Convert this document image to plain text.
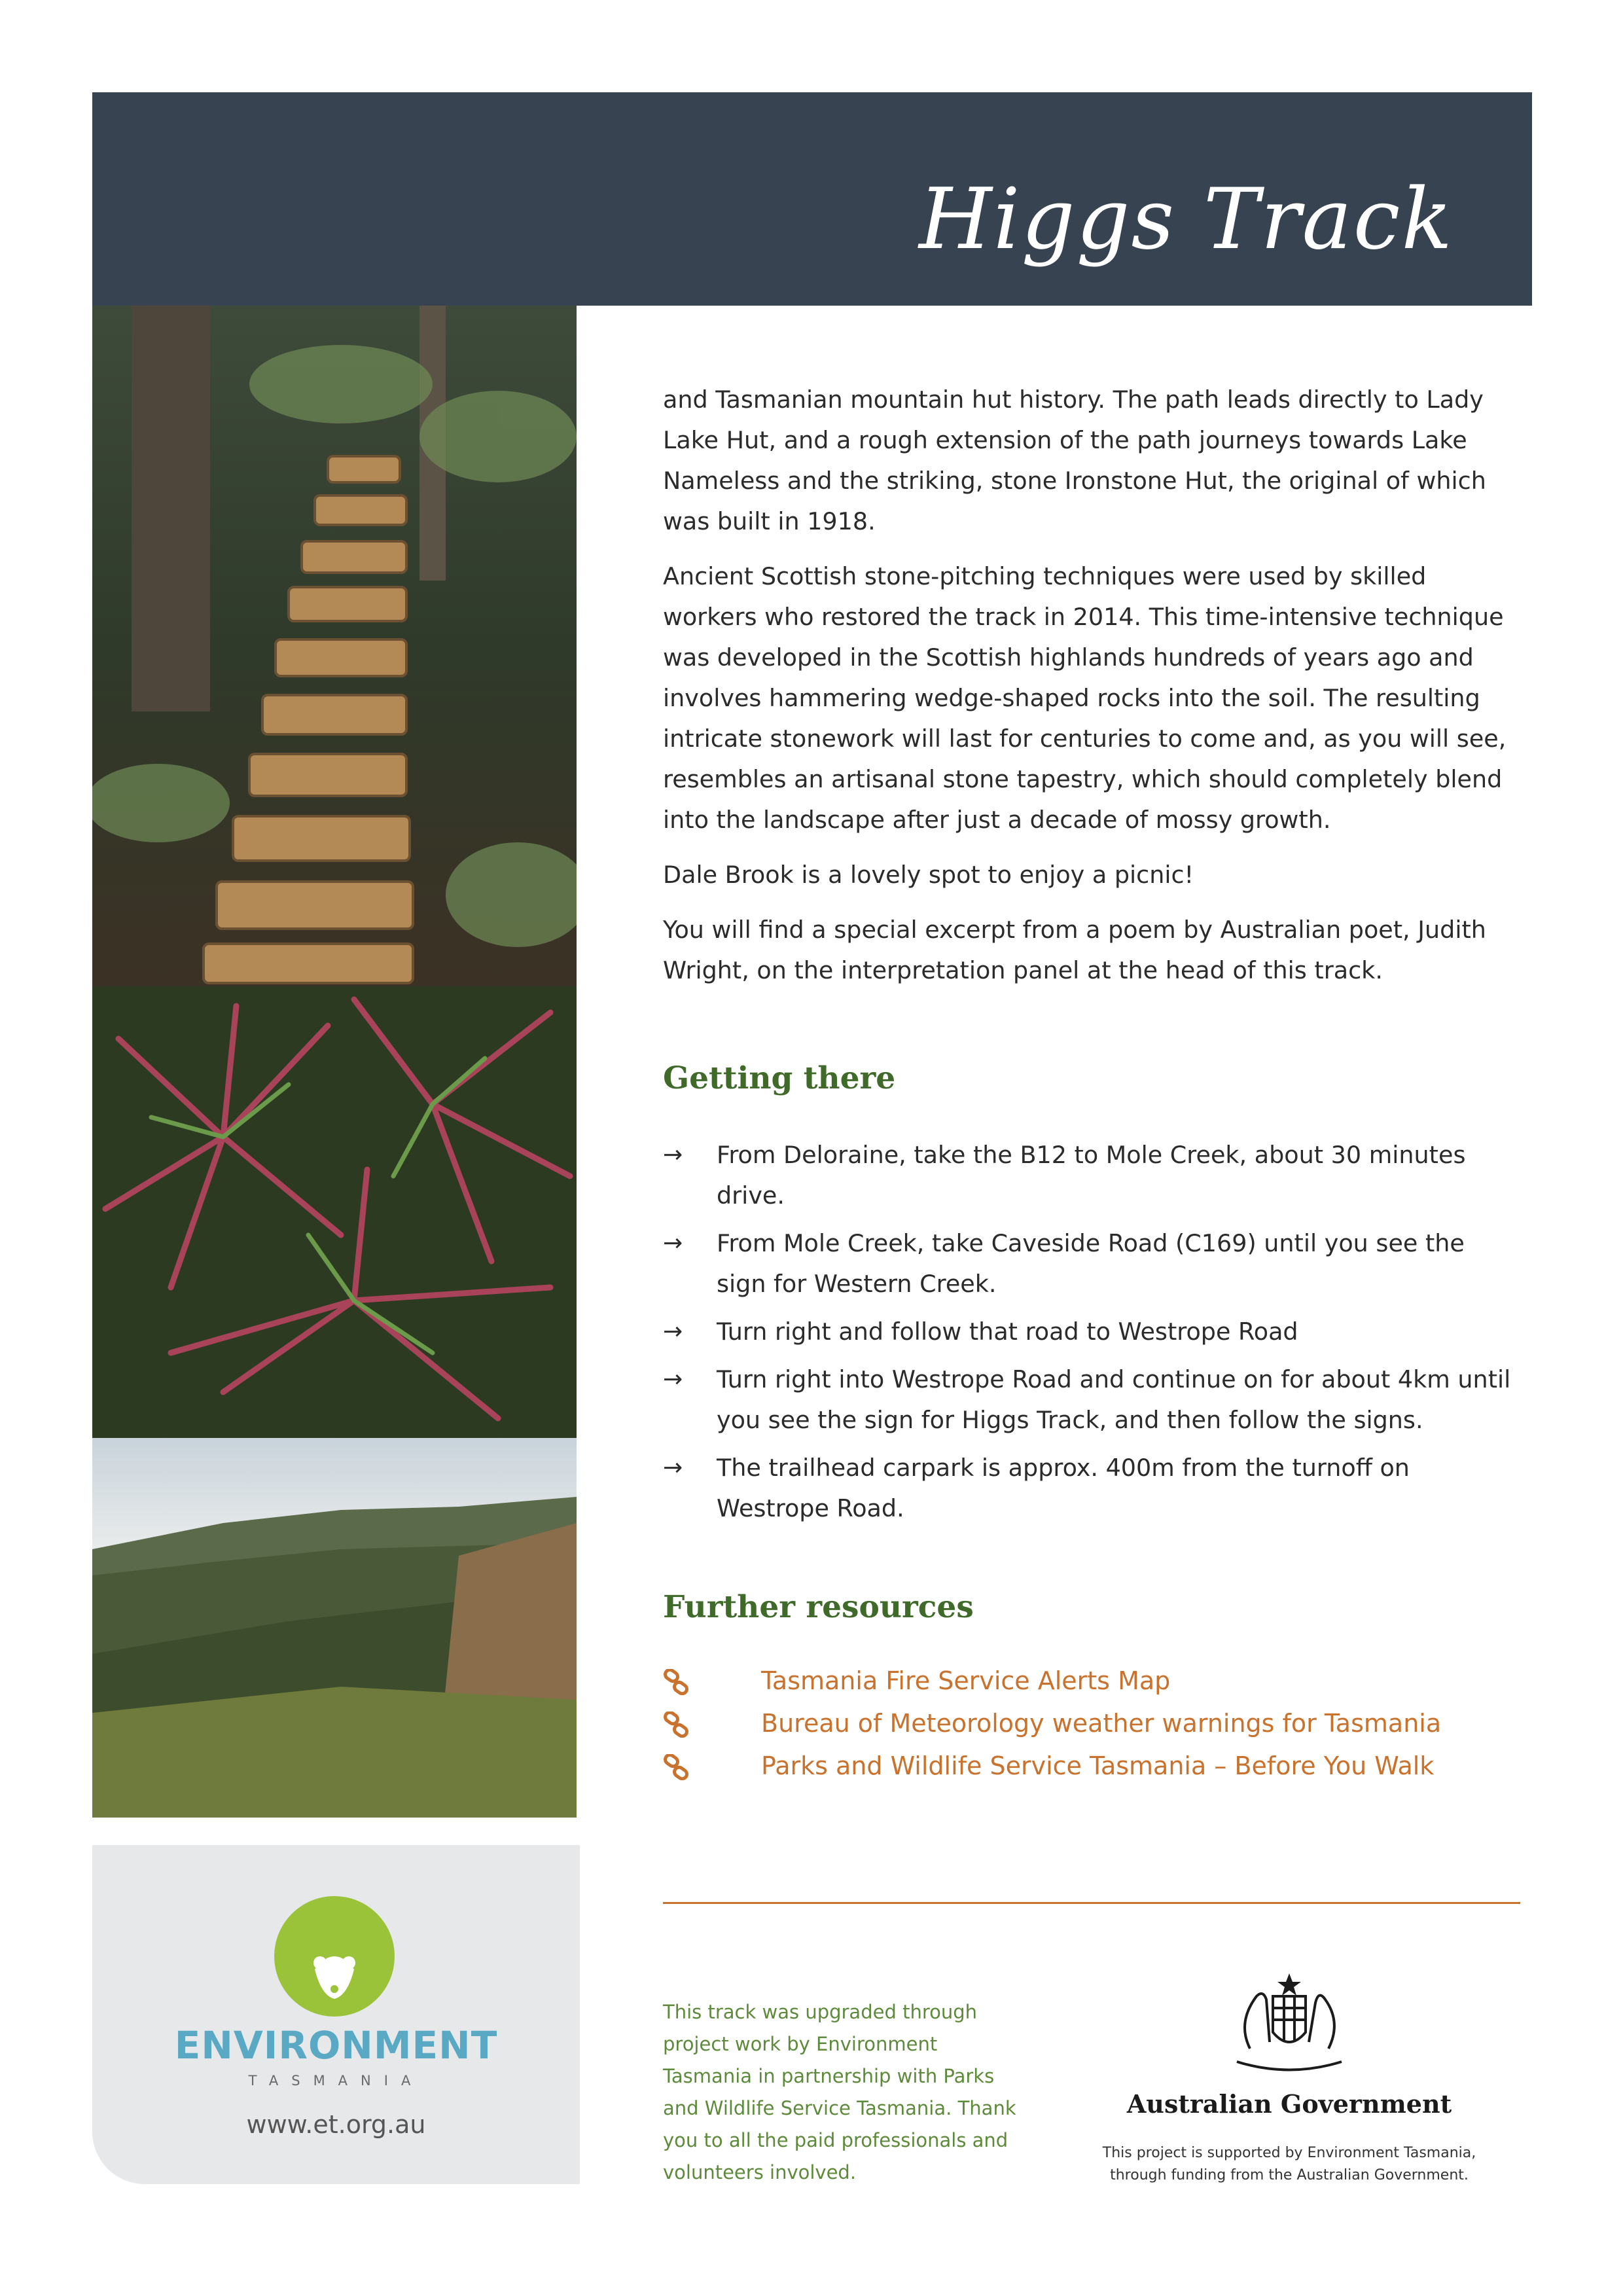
Higgs Track
ENVIRONMENT
TASMANIA
www.et.org.au

and Tasmanian mountain hut history. The path leads directly to Lady Lake Hut, and a rough extension of the path journeys towards Lake Nameless and the striking, stone Ironstone Hut, the original of which was built in 1918.

Ancient Scottish stone-pitching techniques were used by skilled workers who restored the track in 2014. This time-intensive technique was developed in the Scottish highlands hundreds of years ago and involves hammering wedge-shaped rocks into the soil. The resulting intricate stonework will last for centuries to come and, as you will see, resembles an artisanal stone tapestry, which should completely blend into the landscape after just a decade of mossy growth.

Dale Brook is a lovely spot to enjoy a picnic!

You will find a special excerpt from a poem by Australian poet, Judith Wright, on the interpretation panel at the head of this track.

Getting there
→ From Deloraine, take the B12 to Mole Creek, about 30 minutes drive.
→ From Mole Creek, take Caveside Road (C169) until you see the sign for Western Creek.
→ Turn right and follow that road to Westrope Road
→ Turn right into Westrope Road and continue on for about 4km until you see the sign for Higgs Track, and then follow the signs.
→ The trailhead carpark is approx. 400m from the turnoff on Westrope Road.
Further resources
Tasmania Fire Service Alerts Map
Bureau of Meteorology weather warnings for Tasmania
Parks and Wildlife Service Tasmania – Before You Walk
This track was upgraded through project work by Environment Tasmania in partnership with Parks and Wildlife Service Tasmania. Thank you to all the paid professionals and volunteers involved.
Australian Government
This project is supported by Environment Tasmania, through funding from the Australian Government.
